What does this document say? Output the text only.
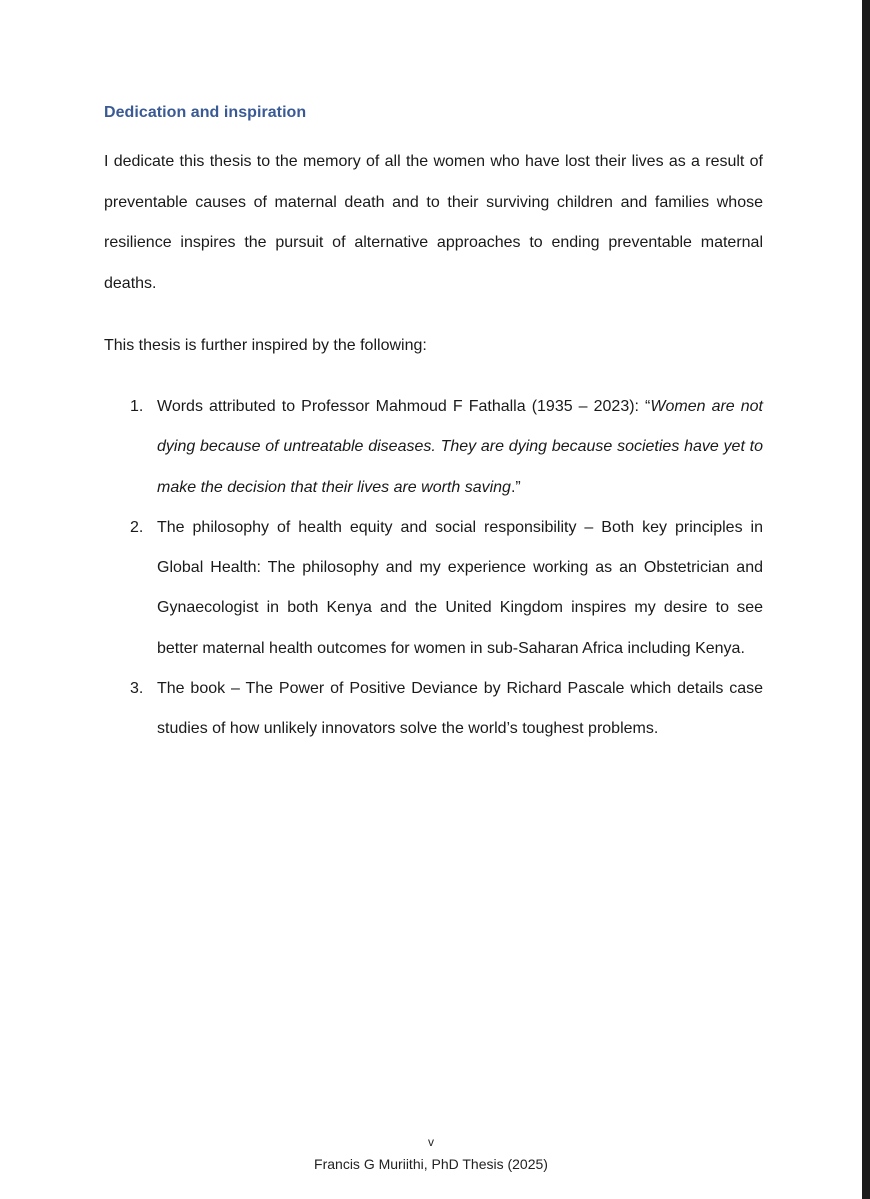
Dedication and inspiration

I dedicate this thesis to the memory of all the women who have lost their lives as a result of preventable causes of maternal death and to their surviving children and families whose resilience inspires the pursuit of alternative approaches to ending preventable maternal deaths.

This thesis is further inspired by the following:

1. Words attributed to Professor Mahmoud F Fathalla (1935 – 2023): “Women are not dying because of untreatable diseases. They are dying because societies have yet to make the decision that their lives are worth saving.”
2. The philosophy of health equity and social responsibility – Both key principles in Global Health: The philosophy and my experience working as an Obstetrician and Gynaecologist in both Kenya and the United Kingdom inspires my desire to see better maternal health outcomes for women in sub-Saharan Africa including Kenya.
3. The book – The Power of Positive Deviance by Richard Pascale which details case studies of how unlikely innovators solve the world’s toughest problems.
v
Francis G Muriithi, PhD Thesis (2025)
